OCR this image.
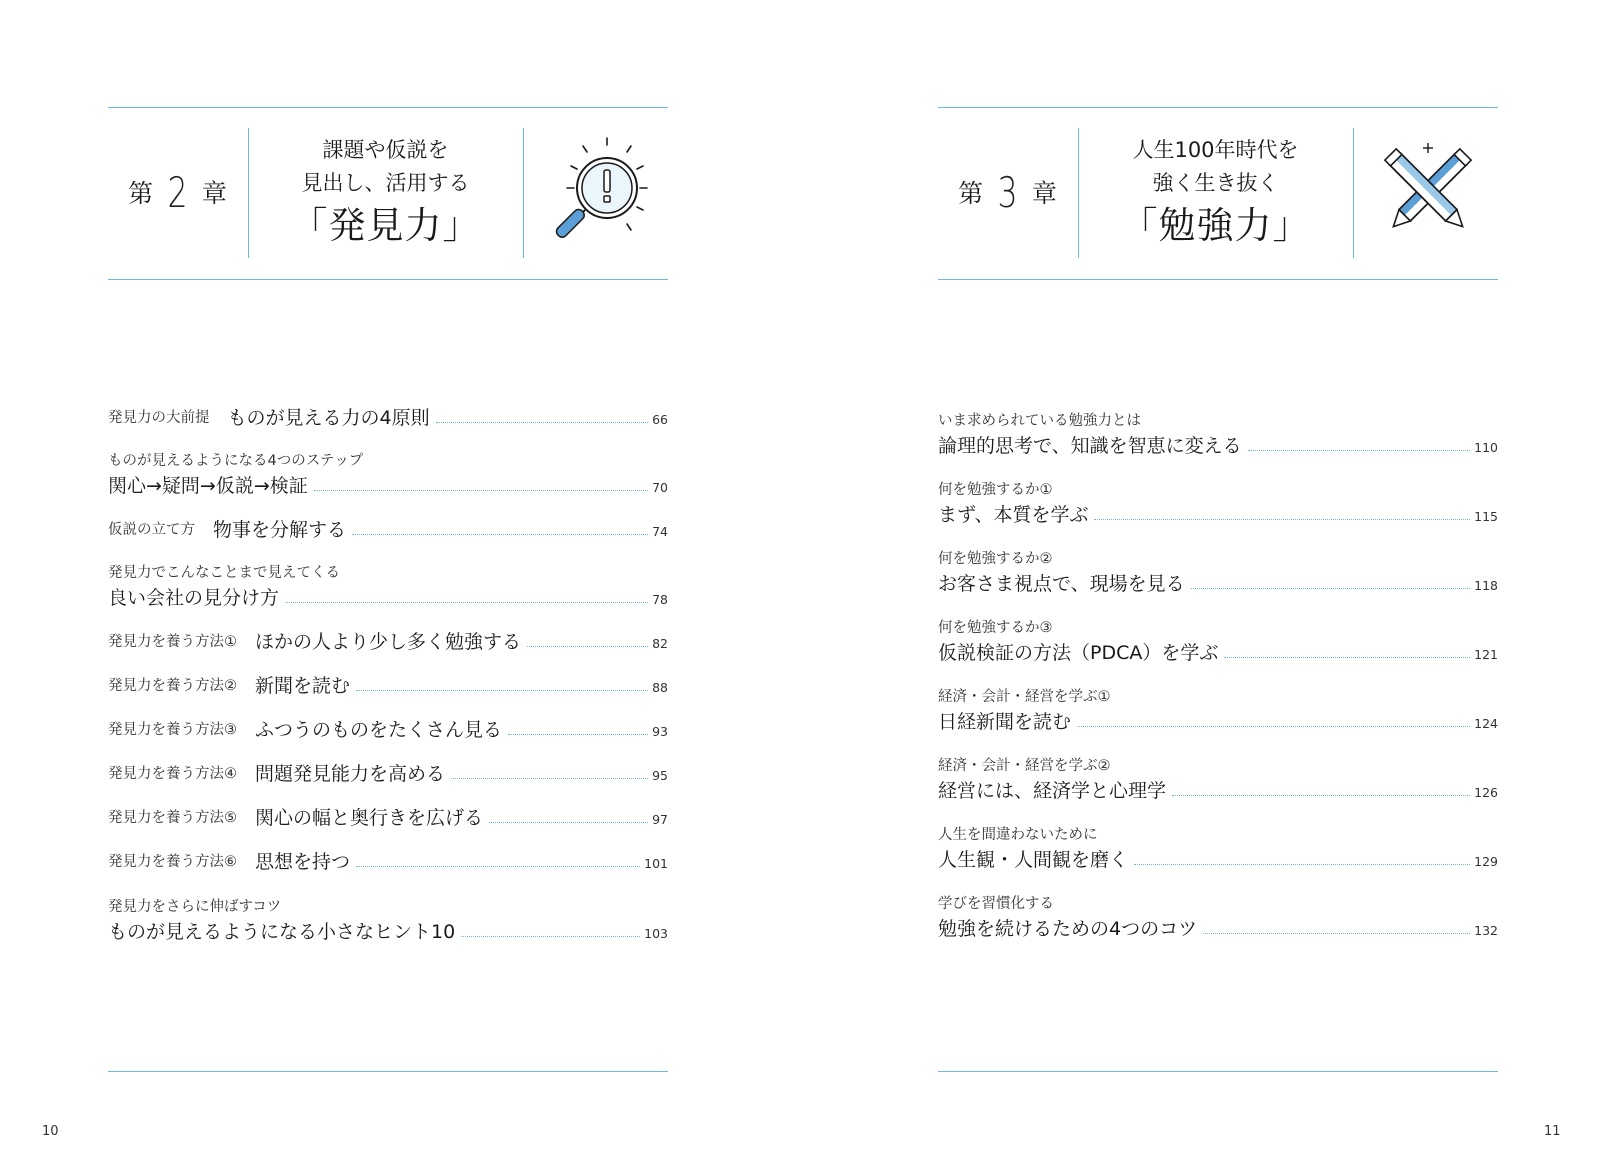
第 2 章
課題や仮説を
見出し、活用する
「発見力」
発見力の大前提 ものが見える力の4原則	66
ものが見えるようになる4つのステップ
関心→疑問→仮説→検証	70
仮説の立て方 物事を分解する	74
発見力でこんなことまで見えてくる
良い会社の見分け方	78
発見力を養う方法① ほかの人より少し多く勉強する	82
発見力を養う方法② 新聞を読む	88
発見力を養う方法③ ふつうのものをたくさん見る	93
発見力を養う方法④ 問題発見能力を高める	95
発見力を養う方法⑤ 関心の幅と奥行きを広げる	97
発見力を養う方法⑥ 思想を持つ	101
発見力をさらに伸ばすコツ
ものが見えるようになる小さなヒント10	103
10
第 3 章
人生100年時代を
強く生き抜く
「勉強力」
いま求められている勉強力とは
論理的思考で、知識を智恵に変える	110
何を勉強するか①
まず、本質を学ぶ	115
何を勉強するか②
お客さま視点で、現場を見る	118
何を勉強するか③
仮説検証の方法（PDCA）を学ぶ	121
経済・会計・経営を学ぶ①
日経新聞を読む	124
経済・会計・経営を学ぶ②
経営には、経済学と心理学	126
人生を間違わないために
人生観・人間観を磨く	129
学びを習慣化する
勉強を続けるための4つのコツ	132
11
